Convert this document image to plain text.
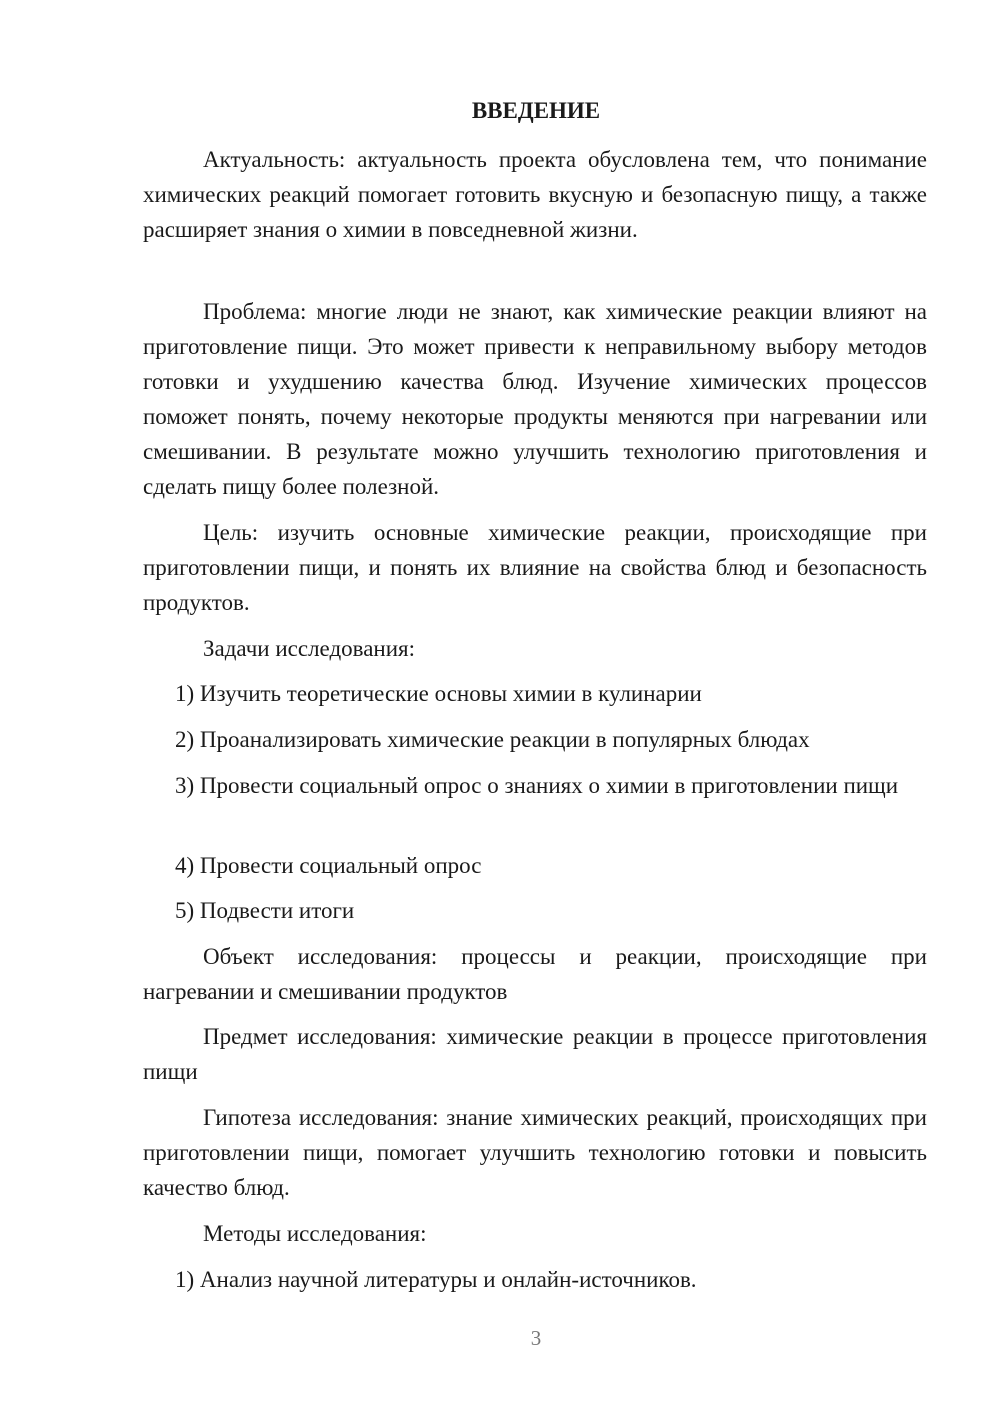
ВВЕДЕНИЕ

Актуальность: актуальность проекта обусловлена тем, что понимание химических реакций помогает готовить вкусную и безопасную пищу, а также расширяет знания о химии в повседневной жизни.

Проблема: многие люди не знают, как химические реакции влияют на приготовление пищи. Это может привести к неправильному выбору методов готовки и ухудшению качества блюд. Изучение химических процессов поможет понять, почему некоторые продукты меняются при нагревании или смешивании. В результате можно улучшить технологию приготовления и сделать пищу более полезной.

Цель: изучить основные химические реакции, происходящие при приготовлении пищи, и понять их влияние на свойства блюд и безопасность продуктов.

Задачи исследования:

1) Изучить теоретические основы химии в кулинарии

2) Проанализировать химические реакции в популярных блюдах

3) Провести социальный опрос о знаниях о химии в приготовлении пищи

4) Провести социальный опрос

5) Подвести итоги

Объект исследования: процессы и реакции, происходящие при нагревании и смешивании продуктов

Предмет исследования: химические реакции в процессе приготовления пищи

Гипотеза исследования: знание химических реакций, происходящих при приготовлении пищи, помогает улучшить технологию готовки и повысить качество блюд.

Методы исследования:

1) Анализ научной литературы и онлайн-источников.

3
